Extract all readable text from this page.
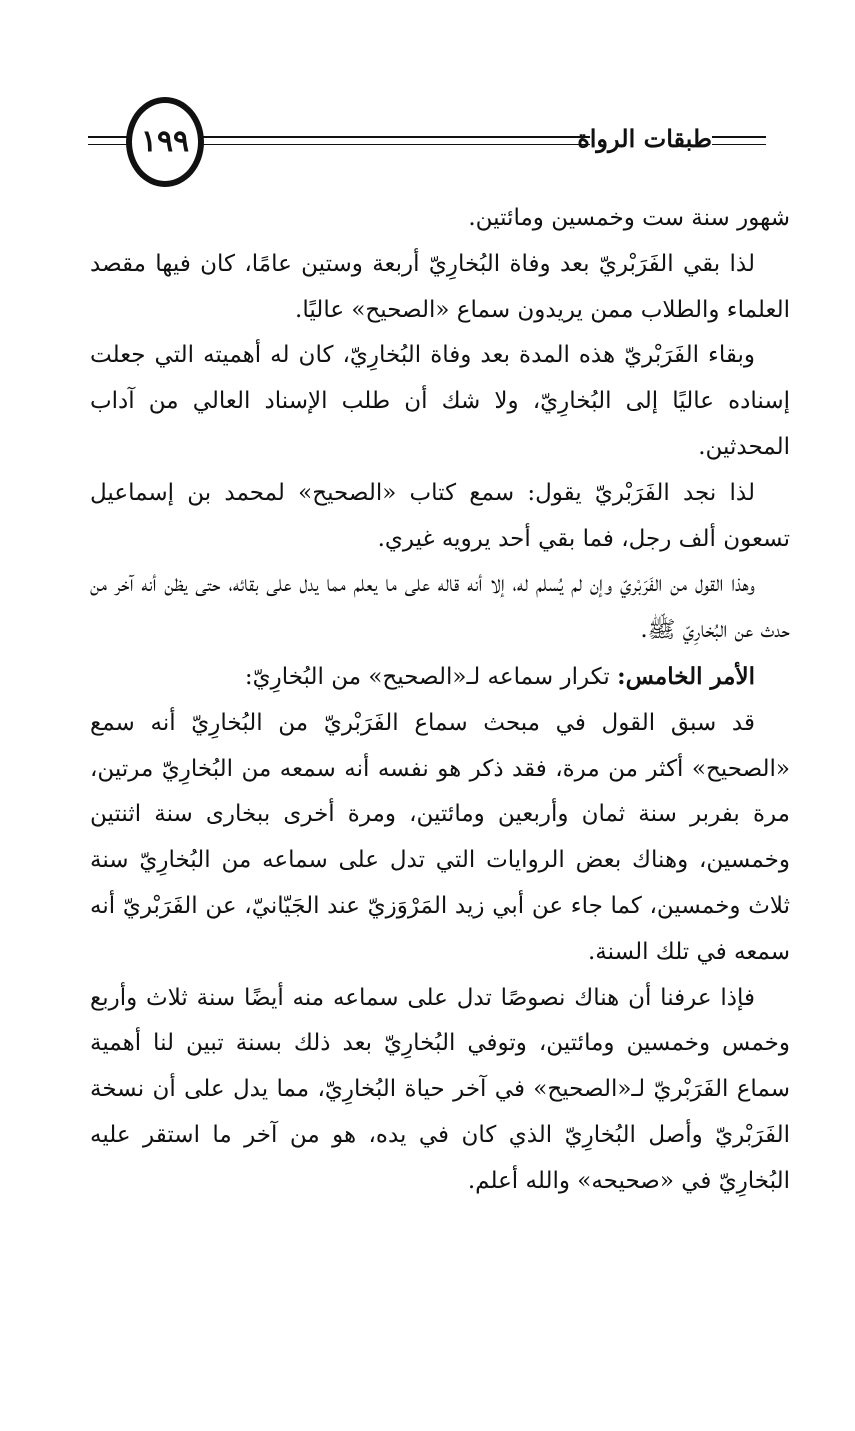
طبقات الرواة
١٩٩

شهور سنة ست وخمسين ومائتين.

لذا بقي الفَرَبْريّ بعد وفاة البُخارِيّ أربعة وستين عامًا، كان فيها مقصد العلماء والطلاب ممن يريدون سماع «الصحيح» عاليًا.

وبقاء الفَرَبْريّ هذه المدة بعد وفاة البُخارِيّ، كان له أهميته التي جعلت إسناده عاليًا إلى البُخارِيّ، ولا شك أن طلب الإسناد العالي من آداب المحدثين.

لذا نجد الفَرَبْريّ يقول: سمع كتاب «الصحيح» لمحمد بن إسماعيل تسعون ألف رجل، فما بقي أحد يرويه غيري.

وهذا القول من الفَرَبْريّ وإن لم يُسلم له، إلا أنه قاله على ما يعلم مما يدل على بقائه، حتى يظن أنه آخر من حدث عن البُخارِيّ ﷺ.

الأمر الخامس: تكرار سماعه لـ«الصحيح» من البُخارِيّ:

قد سبق القول في مبحث سماع الفَرَبْريّ من البُخارِيّ أنه سمع «الصحيح» أكثر من مرة، فقد ذكر هو نفسه أنه سمعه من البُخارِيّ مرتين، مرة بفربر سنة ثمان وأربعين ومائتين، ومرة أخرى ببخارى سنة اثنتين وخمسين، وهناك بعض الروايات التي تدل على سماعه من البُخارِيّ سنة ثلاث وخمسين، كما جاء عن أبي زيد المَرْوَزيّ عند الجَيّانيّ، عن الفَرَبْريّ أنه سمعه في تلك السنة.

فإذا عرفنا أن هناك نصوصًا تدل على سماعه منه أيضًا سنة ثلاث وأربع وخمس وخمسين ومائتين، وتوفي البُخارِيّ بعد ذلك بسنة تبين لنا أهمية سماع الفَرَبْريّ لـ«الصحيح» في آخر حياة البُخارِيّ، مما يدل على أن نسخة الفَرَبْريّ وأصل البُخارِيّ الذي كان في يده، هو من آخر ما استقر عليه البُخارِيّ في «صحيحه» والله أعلم.
